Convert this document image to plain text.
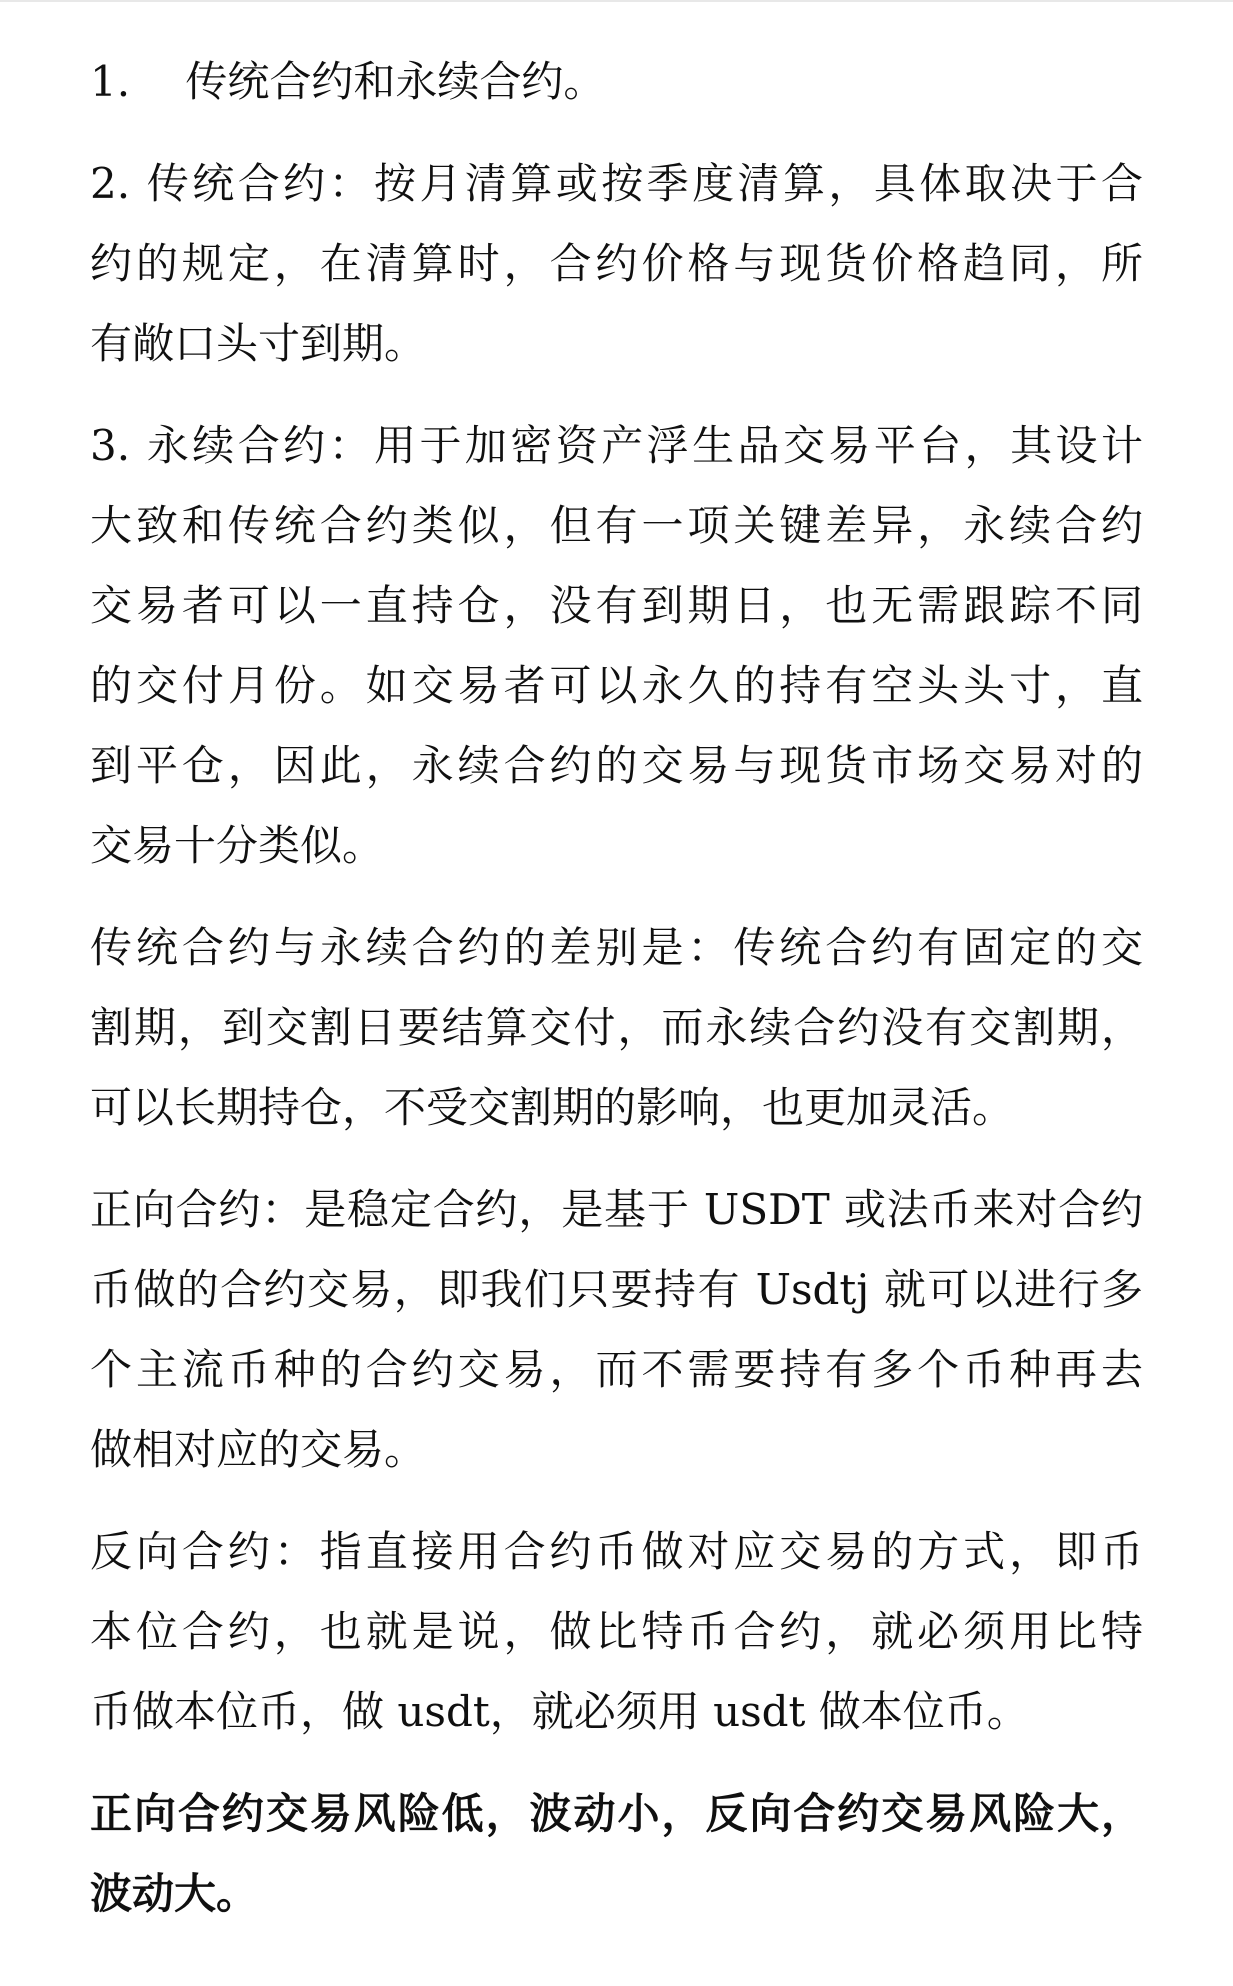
1.　 传统合约和永续合约。
2. 传统合约：按月清算或按季度清算，具体取决于合
约的规定，在清算时，合约价格与现货价格趋同，所
有敞口头寸到期。
3. 永续合约：用于加密资产浮生品交易平台，其设计
大致和传统合约类似，但有一项关键差异，永续合约
交易者可以一直持仓，没有到期日，也无需跟踪不同
的交付月份。如交易者可以永久的持有空头头寸，直
到平仓，因此，永续合约的交易与现货市场交易对的
交易十分类似。
传统合约与永续合约的差别是：传统合约有固定的交
割期，到交割日要结算交付，而永续合约没有交割期，
可以长期持仓，不受交割期的影响，也更加灵活。
正向合约：是稳定合约，是基于 USDT 或法币来对合约
币做的合约交易，即我们只要持有 Usdtj 就可以进行多
个主流币种的合约交易，而不需要持有多个币种再去
做相对应的交易。
反向合约：指直接用合约币做对应交易的方式，即币
本位合约，也就是说，做比特币合约，就必须用比特
币做本位币，做 usdt，就必须用 usdt 做本位币。
正向合约交易风险低，波动小，反向合约交易风险大，
波动大。
